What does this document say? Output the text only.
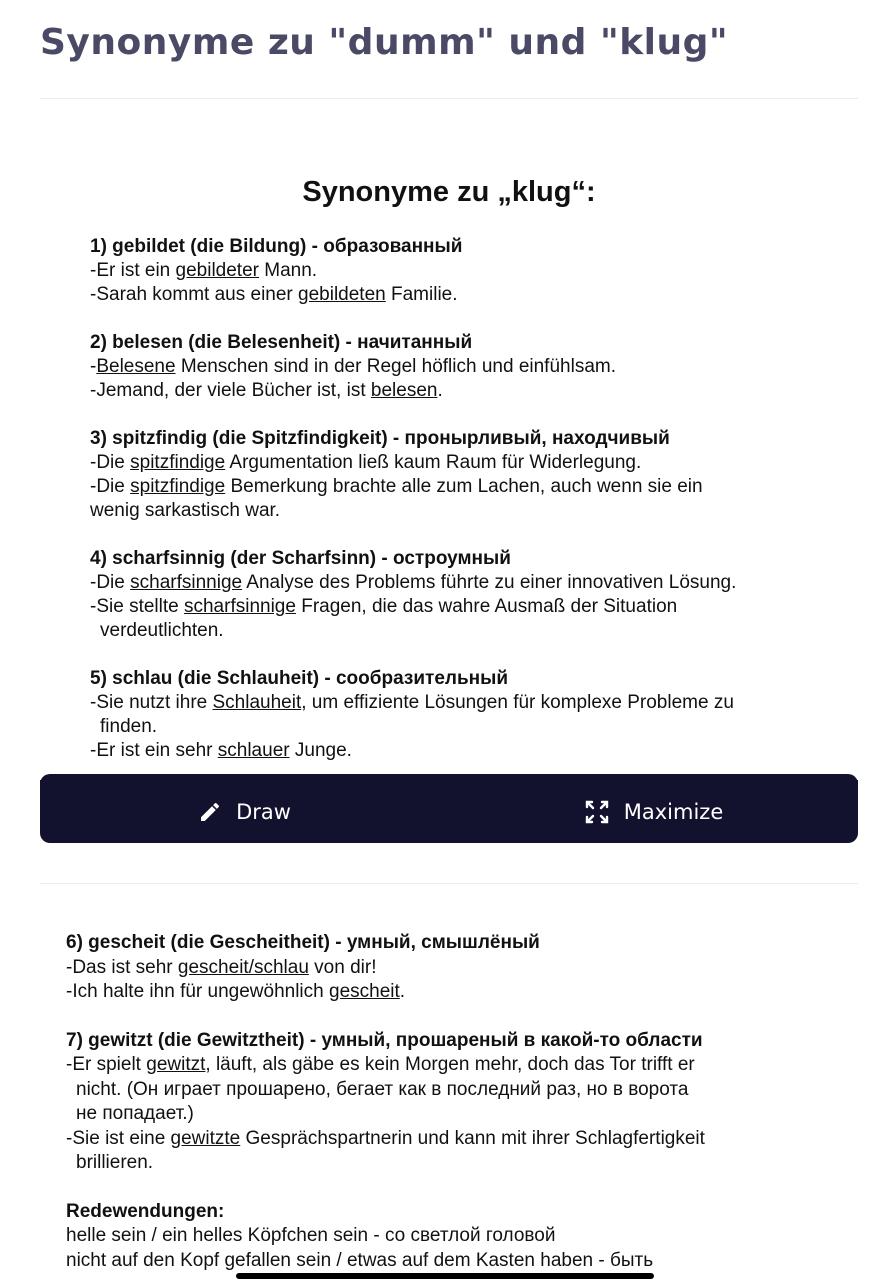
Synonyme zu "dumm" und "klug"
Synonyme zu „klug“:
1) gebildet (die Bildung) - образованный
-Er ist ein gebildeter Mann.
-Sarah kommt aus einer gebildeten Familie.
2) belesen (die Belesenheit) - начитанный
-Belesene Menschen sind in der Regel höflich und einfühlsam.
-Jemand, der viele Bücher ist, ist belesen.
3) spitzfindig (die Spitzfindigkeit) - пронырливый, находчивый
-Die spitzfindige Argumentation ließ kaum Raum für Widerlegung.
-Die spitzfindige Bemerkung brachte alle zum Lachen, auch wenn sie ein
wenig sarkastisch war.
4) scharfsinnig (der Scharfsinn) - остроумный
-Die scharfsinnige Analyse des Problems führte zu einer innovativen Lösung.
-Sie stellte scharfsinnige Fragen, die das wahre Ausmaß der Situation
verdeutlichten.
5) schlau (die Schlauheit) - сообразительный
-Sie nutzt ihre Schlauheit, um effiziente Lösungen für komplexe Probleme zu
finden.
-Er ist ein sehr schlauer Junge.
Draw	Maximize
6) gescheit (die Gescheitheit) - умный, смышлёный
-Das ist sehr gescheit/schlau von dir!
-Ich halte ihn für ungewöhnlich gescheit.
7) gewitzt (die Gewitztheit) - умный, прошареный в какой-то области
-Er spielt gewitzt, läuft, als gäbe es kein Morgen mehr, doch das Tor trifft er
nicht. (Он играет прошарено, бегает как в последний раз, но в ворота
не попадает.)
-Sie ist eine gewitzte Gesprächspartnerin und kann mit ihrer Schlagfertigkeit
brillieren.
Redewendungen:
helle sein / ein helles Köpfchen sein - со светлой головой
nicht auf den Kopf gefallen sein / etwas auf dem Kasten haben - быть
